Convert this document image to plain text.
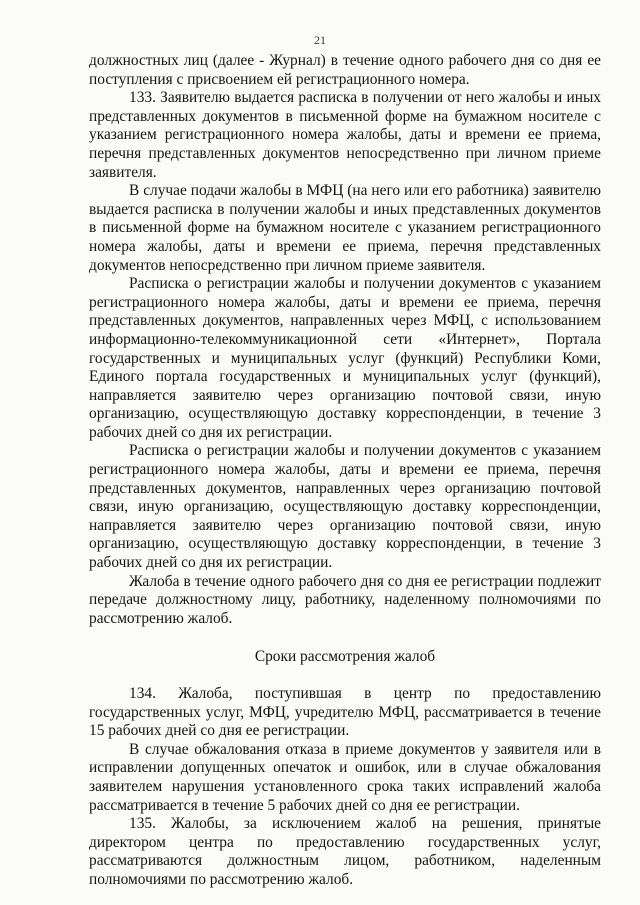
21

должностных лиц (далее - Журнал) в течение одного рабочего дня со дня ее поступления с присвоением ей регистрационного номера.

133. Заявителю выдается расписка в получении от него жалобы и иных представленных документов в письменной форме на бумажном носителе с указанием регистрационного номера жалобы, даты и времени ее приема, перечня представленных документов непосредственно при личном приеме заявителя.

В случае подачи жалобы в МФЦ (на него или его работника) заявителю выдается расписка в получении жалобы и иных представленных документов в письменной форме на бумажном носителе с указанием регистрационного номера жалобы, даты и времени ее приема, перечня представленных документов непосредственно при личном приеме заявителя.

Расписка о регистрации жалобы и получении документов с указанием регистрационного номера жалобы, даты и времени ее приема, перечня представленных документов, направленных через МФЦ, с использованием информационно-телекоммуникационной сети «Интернет», Портала государственных и муниципальных услуг (функций) Республики Коми, Единого портала государственных и муниципальных услуг (функций), направляется заявителю через организацию почтовой связи, иную организацию, осуществляющую доставку корреспонденции, в течение 3 рабочих дней со дня их регистрации.

Расписка о регистрации жалобы и получении документов с указанием регистрационного номера жалобы, даты и времени ее приема, перечня представленных документов, направленных через организацию почтовой связи, иную организацию, осуществляющую доставку корреспонденции, направляется заявителю через организацию почтовой связи, иную организацию, осуществляющую доставку корреспонденции, в течение 3 рабочих дней со дня их регистрации.

Жалоба в течение одного рабочего дня со дня ее регистрации подлежит передаче должностному лицу, работнику, наделенному полномочиями по рассмотрению жалоб.

Сроки рассмотрения жалоб

134. Жалоба, поступившая в центр по предоставлению государственных услуг, МФЦ, учредителю МФЦ, рассматривается в течение 15 рабочих дней со дня ее регистрации.

В случае обжалования отказа в приеме документов у заявителя или в исправлении допущенных опечаток и ошибок, или в случае обжалования заявителем нарушения установленного срока таких исправлений жалоба рассматривается в течение 5 рабочих дней со дня ее регистрации.

135. Жалобы, за исключением жалоб на решения, принятые директором центра по предоставлению государственных услуг, рассматриваются должностным лицом, работником, наделенным полномочиями по рассмотрению жалоб.
